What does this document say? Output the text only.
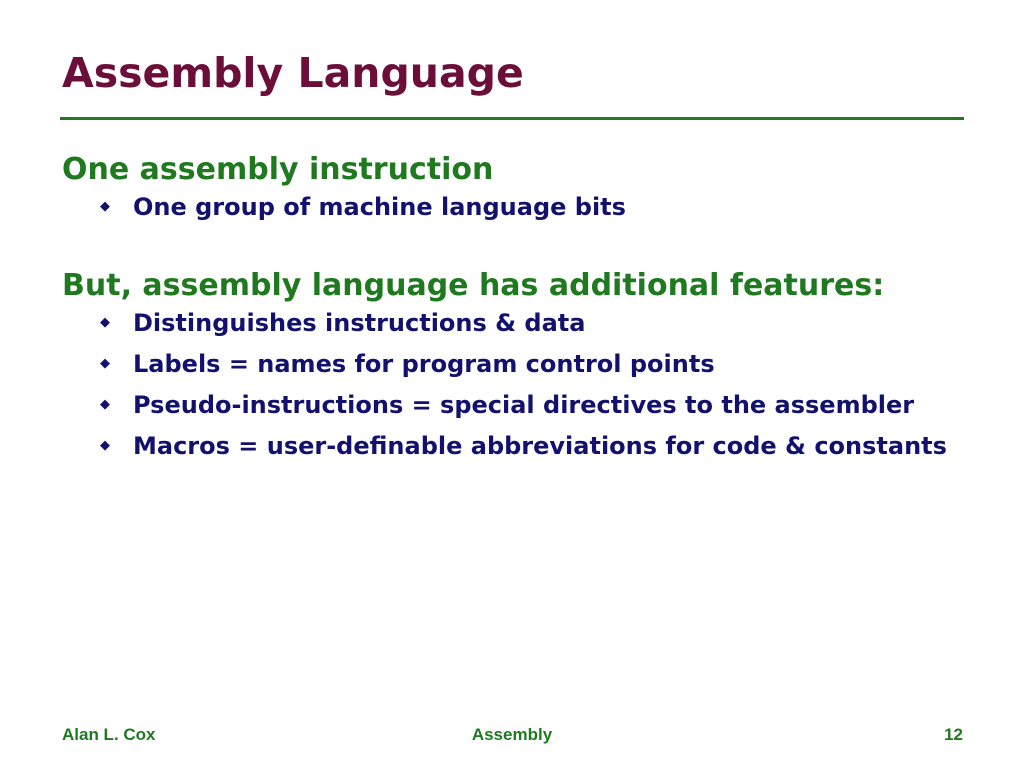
Assembly Language
One assembly instruction
◆ One group of machine language bits
But, assembly language has additional features:
◆ Distinguishes instructions & data
◆ Labels = names for program control points
◆ Pseudo-instructions = special directives to the assembler
◆ Macros = user-definable abbreviations for code & constants
Alan L. Cox	Assembly	12
